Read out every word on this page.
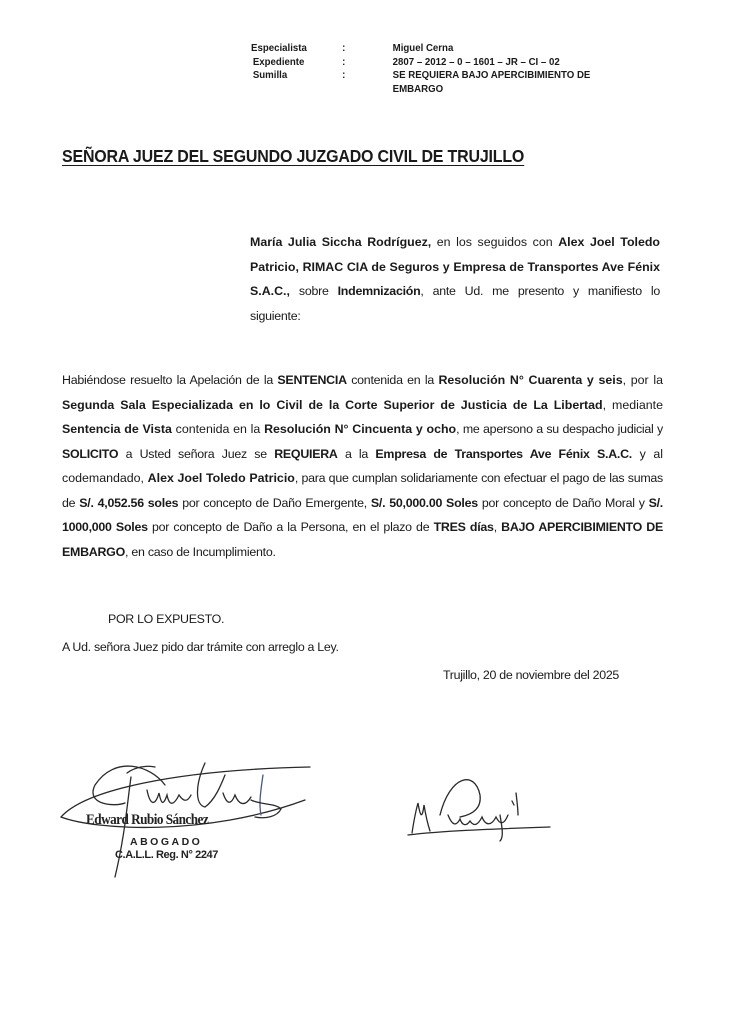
Especialista	:	Miguel Cerna
Expediente	:	2807 – 2012 – 0 – 1601 – JR – CI – 02
Sumilla	:	SE REQUIERA BAJO APERCIBIMIENTO DE EMBARGO
SEÑORA JUEZ DEL SEGUNDO JUZGADO CIVIL DE TRUJILLO
María Julia Siccha Rodríguez, en los seguidos con Alex Joel Toledo Patricio, RIMAC CIA de Seguros y Empresa de Transportes Ave Fénix S.A.C., sobre Indemnización, ante Ud. me presento y manifiesto lo siguiente:
Habiéndose resuelto la Apelación de la SENTENCIA contenida en la Resolución N° Cuarenta y seis, por la Segunda Sala Especializada en lo Civil de la Corte Superior de Justicia de La Libertad, mediante Sentencia de Vista contenida en la Resolución N° Cincuenta y ocho, me apersono a su despacho judicial y SOLICITO a Usted señora Juez se REQUIERA a la Empresa de Transportes Ave Fénix S.A.C. y al codemandado, Alex Joel Toledo Patricio, para que cumplan solidariamente con efectuar el pago de las sumas de S/. 4,052.56 soles por concepto de Daño Emergente, S/. 50,000.00 Soles por concepto de Daño Moral y S/. 1000,000 Soles por concepto de Daño a la Persona, en el plazo de TRES días, BAJO APERCIBIMIENTO DE EMBARGO, en caso de Incumplimiento.
POR LO EXPUESTO.
A Ud. señora Juez pido dar trámite con arreglo a Ley.
Trujillo, 20 de noviembre del 2025
Edward Rubio Sánchez
ABOGADO
C.A.L.L. Reg. N° 2247
